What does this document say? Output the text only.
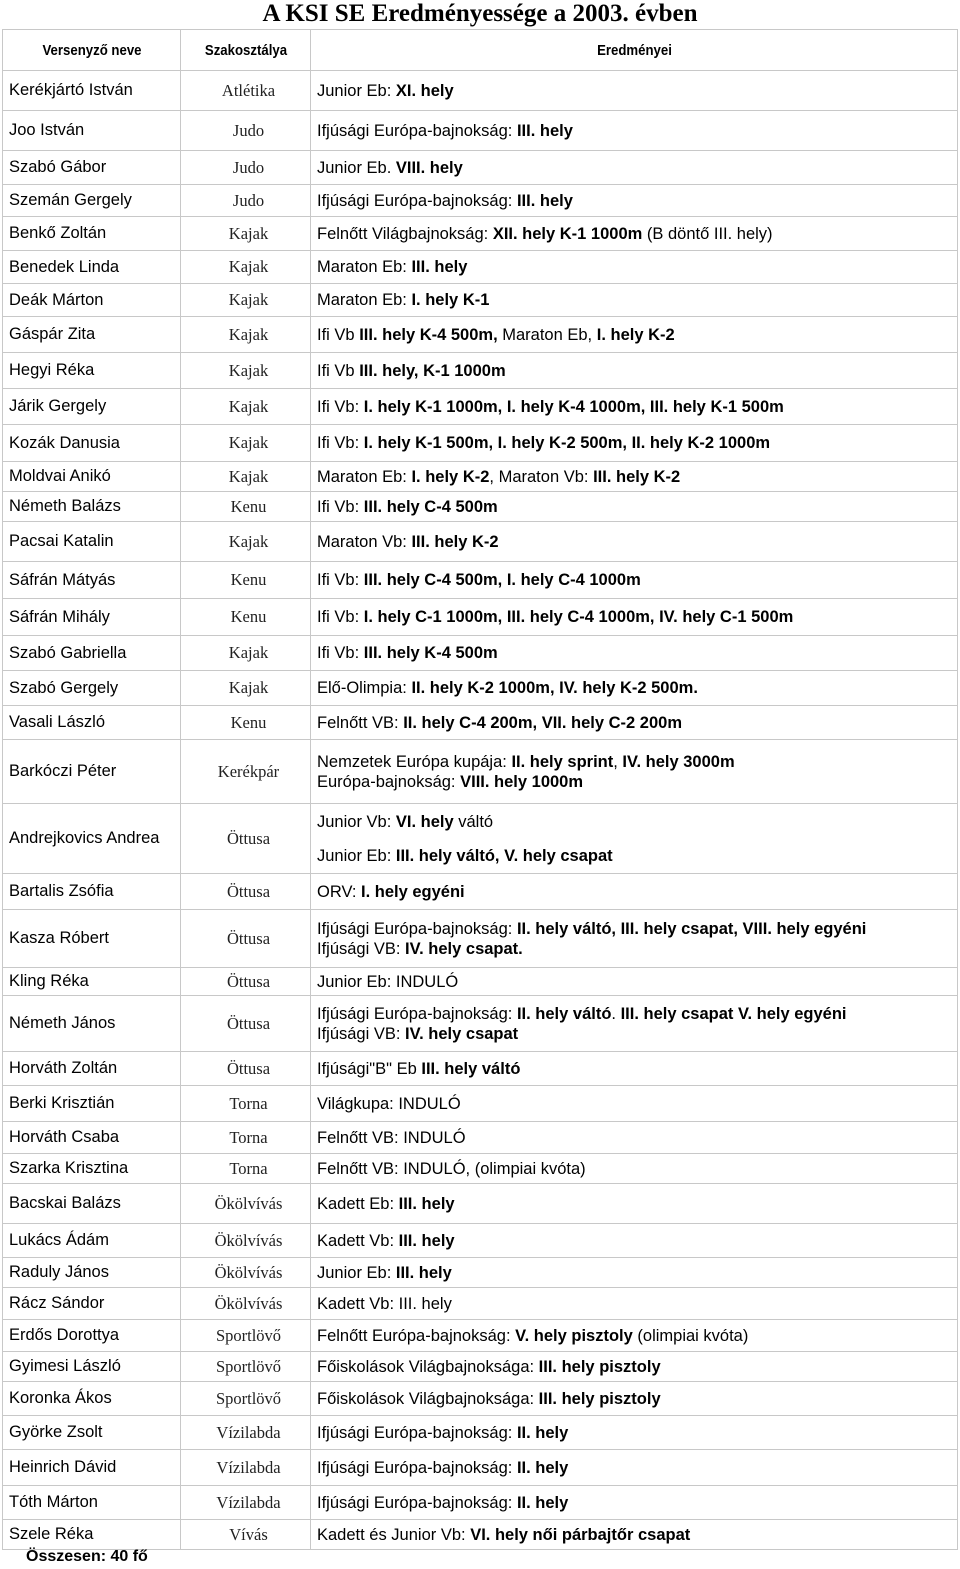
A KSI SE Eredményessége a 2003. évben
Versenyző neve	Szakosztálya	Eredményei
Kerékjártó István	Atlétika	Junior Eb: XI. hely

Joo István	Judo	Ifjúsági Európa-bajnokság: III. hely

Szabó Gábor	Judo	Junior Eb. VIII. hely

Szemán Gergely	Judo	Ifjúsági Európa-bajnokság: III. hely

Benkő Zoltán	Kajak	Felnőtt Világbajnokság: XII. hely K-1 1000m (B döntő III. hely)

Benedek Linda	Kajak	Maraton Eb: III. hely

Deák Márton	Kajak	Maraton Eb: I. hely K-1

Gáspár Zita	Kajak	Ifi Vb III. hely K-4 500m, Maraton Eb, I. hely K-2

Hegyi Réka	Kajak	Ifi Vb III. hely, K-1 1000m

Járik Gergely	Kajak	Ifi Vb: I. hely K-1 1000m, I. hely K-4 1000m, III. hely K-1 500m

Kozák Danusia	Kajak	Ifi Vb: I. hely K-1 500m, I. hely K-2 500m, II. hely K-2 1000m

Moldvai Anikó	Kajak	Maraton Eb: I. hely K-2, Maraton Vb: III. hely K-2

Németh Balázs	Kenu	Ifi Vb: III. hely C-4 500m

Pacsai Katalin	Kajak	Maraton Vb: III. hely K-2

Sáfrán Mátyás	Kenu	Ifi Vb: III. hely C-4 500m, I. hely C-4 1000m

Sáfrán Mihály	Kenu	Ifi Vb: I. hely C-1 1000m, III. hely C-4 1000m, IV. hely C-1 500m

Szabó Gabriella	Kajak	Ifi Vb: III. hely K-4 500m

Szabó Gergely	Kajak	Elő-Olimpia: II. hely K-2 1000m, IV. hely K-2 500m.

Vasali László	Kenu	Felnőtt VB: II. hely C-4 200m, VII. hely C-2 200m

Barkóczi Péter	Kerékpár	Nemzetek Európa kupája: II. hely sprint, IV. hely 3000m
Európa-bajnokság: VIII. hely 1000m

Andrejkovics Andrea	Öttusa	Junior Vb: VI. hely váltó
Junior Eb: III. hely váltó, V. hely csapat

Bartalis Zsófia	Öttusa	ORV: I. hely egyéni

Kasza Róbert	Öttusa	Ifjúsági Európa-bajnokság: II. hely váltó, III. hely csapat, VIII. hely egyéni
Ifjúsági VB: IV. hely csapat.

Kling Réka	Öttusa	Junior Eb: INDULÓ

Németh János	Öttusa	Ifjúsági Európa-bajnokság: II. hely váltó. III. hely csapat V. hely egyéni
Ifjúsági VB: IV. hely csapat

Horváth Zoltán	Öttusa	Ifjúsági"B" Eb III. hely váltó

Berki Krisztián	Torna	Világkupa: INDULÓ

Horváth Csaba	Torna	Felnőtt VB: INDULÓ

Szarka Krisztina	Torna	Felnőtt VB: INDULÓ, (olimpiai kvóta)

Bacskai Balázs	Ökölvívás	Kadett Eb: III. hely

Lukács Ádám	Ökölvívás	Kadett Vb: III. hely

Raduly János	Ökölvívás	Junior Eb: III. hely

Rácz Sándor	Ökölvívás	Kadett Vb: III. hely

Erdős Dorottya	Sportlövő	Felnőtt Európa-bajnokság: V. hely pisztoly (olimpiai kvóta)

Gyimesi László	Sportlövő	Főiskolások Világbajnoksága: III. hely pisztoly

Koronka Ákos	Sportlövő	Főiskolások Világbajnoksága: III. hely pisztoly

Györke Zsolt	Vízilabda	Ifjúsági Európa-bajnokság: II. hely

Heinrich Dávid	Vízilabda	Ifjúsági Európa-bajnokság: II. hely

Tóth Márton	Vízilabda	Ifjúsági Európa-bajnokság: II. hely

Szele Réka	Vívás	Kadett és Junior Vb: VI. hely női párbajtőr csapat
Összesen: 40 fő
